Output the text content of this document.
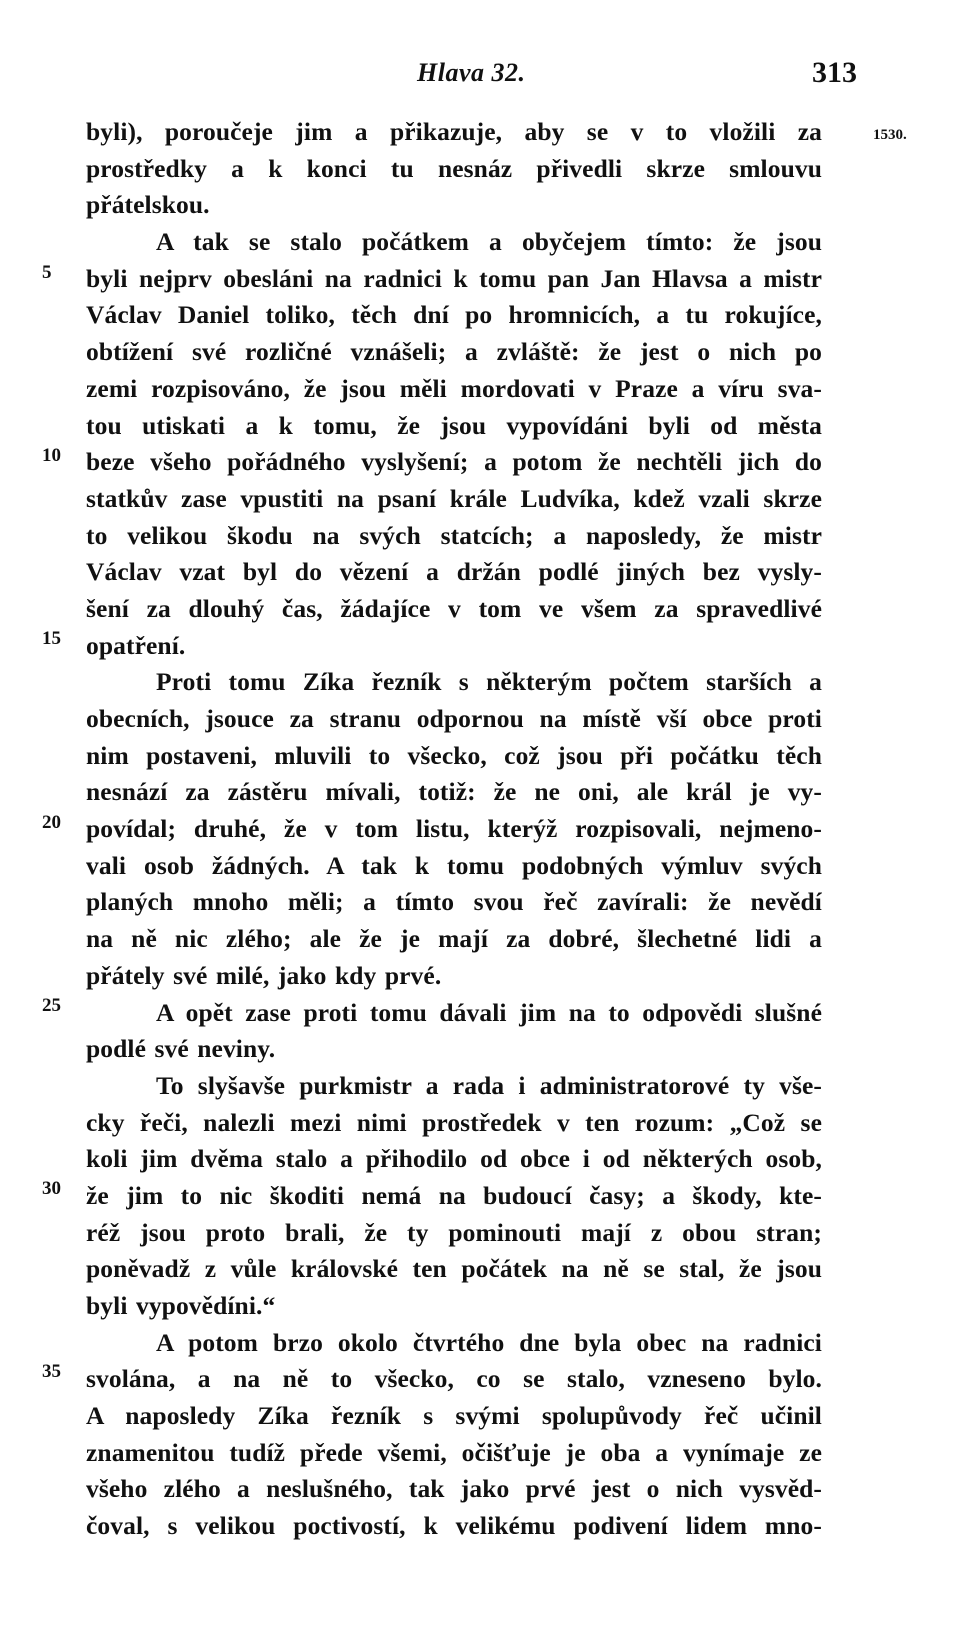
Hlava 32.	313
1530.
byli), poroučeje jim a přikazuje, aby se v to vložili za
prostředky a k konci tu nesnáz přivedli skrze smlouvu
přátelskou.
A tak se stalo počátkem a obyčejem tímto: že jsou
byli nejprv obesláni na radnici k tomu pan Jan Hlavsa a mistr
Václav Daniel toliko, těch dní po hromnicích, a tu rokujíce,
obtížení své rozličné vznášeli; a zvláště: že jest o nich po
zemi rozpisováno, že jsou měli mordovati v Praze a víru sva-
tou utiskati a k tomu, že jsou vypovídáni byli od města
beze všeho pořádného vyslyšení; a potom že nechtěli jich do
statkův zase vpustiti na psaní krále Ludvíka, kdež vzali skrze
to velikou škodu na svých statcích; a naposledy, že mistr
Václav vzat byl do vězení a držán podlé jiných bez vysly-
šení za dlouhý čas, žádajíce v tom ve všem za spravedlivé
opatření.
Proti tomu Zíka řezník s některým počtem starších a
obecních, jsouce za stranu odpornou na místě vší obce proti
nim postaveni, mluvili to všecko, což jsou při počátku těch
nesnází za zástěru mívali, totiž: že ne oni, ale král je vy-
povídal; druhé, že v tom listu, kterýž rozpisovali, nejmeno-
vali osob žádných. A tak k tomu podobných výmluv svých
planých mnoho měli; a tímto svou řeč zavírali: že nevědí
na ně nic zlého; ale že je mají za dobré, šlechetné lidi a
přátely své milé, jako kdy prvé.
A opět zase proti tomu dávali jim na to odpovědi slušné
podlé své neviny.
To slyšavše purkmistr a rada i administratorové ty vše-
cky řeči, nalezli mezi nimi prostředek v ten rozum: „Což se
koli jim dvěma stalo a přihodilo od obce i od některých osob,
že jim to nic škoditi nemá na budoucí časy; a škody, kte-
réž jsou proto brali, že ty pominouti mají z obou stran;
poněvadž z vůle královské ten počátek na ně se stal, že jsou
byli vypovědíni.“
A potom brzo okolo čtvrtého dne byla obec na radnici
svolána, a na ně to všecko, co se stalo, vzneseno bylo.
A naposledy Zíka řezník s svými spolupůvody řeč učinil
znamenitou tudíž přede všemi, očišťuje je oba a vynímaje ze
všeho zlého a neslušného, tak jako prvé jest o nich vysvěd-
čoval, s velikou poctivostí, k velikému podivení lidem mno-
5
10
15
20
25
30
35
